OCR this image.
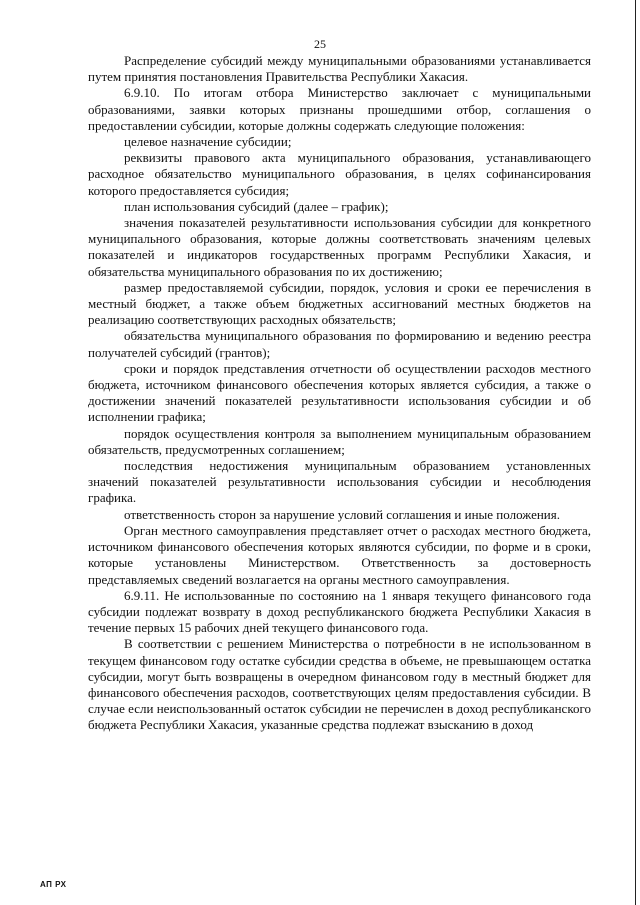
25

Распределение субсидий между муниципальными образованиями устанавливается путем принятия постановления Правительства Республики Хакасия.

6.9.10. По итогам отбора Министерство заключает с муниципальными образованиями, заявки которых признаны прошедшими отбор, соглашения о предоставлении субсидии, которые должны содержать следующие положения:

целевое назначение субсидии;

реквизиты правового акта муниципального образования, устанавливающего расходное обязательство муниципального образования, в целях софинансирования которого предоставляется субсидия;

план использования субсидий (далее – график);

значения показателей результативности использования субсидии для конкретного муниципального образования, которые должны соответствовать значениям целевых показателей и индикаторов государственных программ Республики Хакасия, и обязательства муниципального образования по их достижению;

размер предоставляемой субсидии, порядок, условия и сроки ее перечисления в местный бюджет, а также объем бюджетных ассигнований местных бюджетов на реализацию соответствующих расходных обязательств;

обязательства муниципального образования по формированию и ведению реестра получателей субсидий (грантов);

сроки и порядок представления отчетности об осуществлении расходов местного бюджета, источником финансового обеспечения которых является субсидия, а также о достижении значений показателей результативности использования субсидии и об исполнении графика;

порядок осуществления контроля за выполнением муниципальным образованием обязательств, предусмотренных соглашением;

последствия недостижения муниципальным образованием установленных значений показателей результативности использования субсидии и несоблюдения графика.

ответственность сторон за нарушение условий соглашения и иные положения.

Орган местного самоуправления представляет отчет о расходах местного бюджета, источником финансового обеспечения которых являются субсидии, по форме и в сроки, которые установлены Министерством. Ответственность за достоверность представляемых сведений возлагается на органы местного самоуправления.

6.9.11. Не использованные по состоянию на 1 января текущего финансового года субсидии подлежат возврату в доход республиканского бюджета Республики Хакасия в течение первых 15 рабочих дней текущего финансового года.

В соответствии с решением Министерства о потребности в не использованном в текущем финансовом году остатке субсидии средства в объеме, не превышающем остатка субсидии, могут быть возвращены в очередном финансовом году в местный бюджет для финансового обеспечения расходов, соответствующих целям предоставления субсидии. В случае если неиспользованный остаток субсидии не перечислен в доход республиканского бюджета Республики Хакасия, указанные средства подлежат взысканию в доход

АП РХ
